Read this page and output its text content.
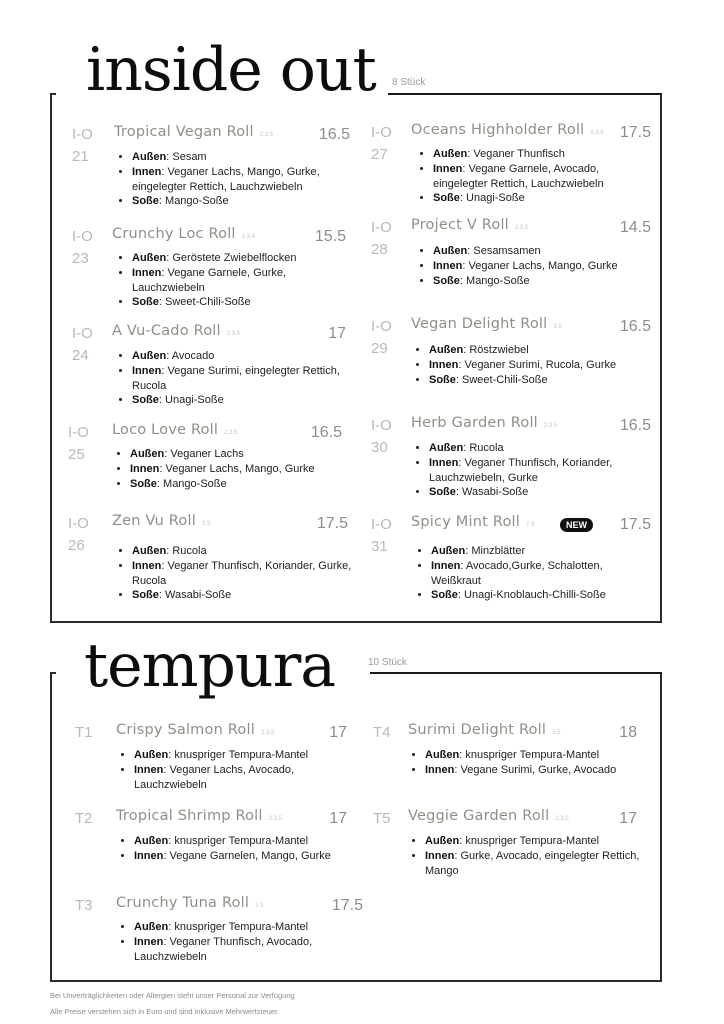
inside out 8 Stück
I-O
21
Tropical Vegan Roll 2.3.5	16.5
• Außen: Sesam
• Innen: Veganer Lachs, Mango, Gurke, eingelegter Rettich, Lauchzwiebeln
• Soße: Mango-Soße
I-O
23
Crunchy Loc Roll 2.3.4	15.5
• Außen: Geröstete Zwiebelflocken
• Innen: Vegane Garnele, Gurke, Lauchzwiebeln
• Soße: Sweet-Chili-Soße
I-O
24
A Vu-Cado Roll 2.3.5	17
• Außen: Avocado
• Innen: Vegane Surimi, eingelegter Rettich, Rucola
• Soße: Unagi-Soße
I-O
25
Loco Love Roll 2.3.5	16.5
• Außen: Veganer Lachs
• Innen: Veganer Lachs, Mango, Gurke
• Soße: Mango-Soße
I-O
26
Zen Vu Roll 3.5	17.5
• Außen: Rucola
• Innen: Veganer Thunfisch, Koriander, Gurke, Rucola
• Soße: Wasabi-Soße
I-O
27
Oceans Highholder Roll 2.3.5	17.5
• Außen: Veganer Thunfisch
• Innen: Vegane Garnele, Avocado, eingelegter Rettich, Lauchzwiebeln
• Soße: Unagi-Soße
I-O
28
Project V Roll 2.3.5	14.5
• Außen: Sesamsamen
• Innen: Veganer Lachs, Mango, Gurke
• Soße: Mango-Soße
I-O
29
Vegan Delight Roll 3.5	16.5
• Außen: Röstzwiebel
• Innen: Veganer Surimi, Rucola, Gurke
• Soße: Sweet-Chili-Soße
I-O
30
Herb Garden Roll 2.3.5	16.5
• Außen: Rucola
• Innen: Veganer Thunfisch, Koriander, Lauchzwiebeln, Gurke
• Soße: Wasabi-Soße
I-O
31
Spicy Mint Roll 7.9	NEW	17.5
• Außen: Minzblätter
• Innen: Avocado,Gurke, Schalotten, Weißkraut
• Soße: Unagi-Knoblauch-Chilli-Soße
tempura	10 Stück
T1	Crispy Salmon Roll 2.3.5	17
• Außen: knuspriger Tempura-Mantel
• Innen: Veganer Lachs, Avocado, Lauchzwiebeln
T2	Tropical Shrimp Roll 2.3.5	17
• Außen: knuspriger Tempura-Mantel
• Innen: Vegane Garnelen, Mango, Gurke
T3	Crunchy Tuna Roll 2.3	17.5
• Außen: knuspriger Tempura-Mantel
• Innen: Veganer Thunfisch, Avocado, Lauchzwiebeln
T4	Surimi Delight Roll 3.5	18
• Außen: knuspriger Tempura-Mantel
• Innen: Vegane Surimi, Gurke, Avocado
T5	Veggie Garden Roll 2.3.5	17
• Außen: knuspriger Tempura-Mantel
• Innen: Gurke, Avocado, eingelegter Rettich, Mango
Bei Unverträglichkeiten oder Allergien steht unser Personal zur Verfügung
Alle Preise verstehen sich in Euro und sind inklusive Mehrwertsteuer.
